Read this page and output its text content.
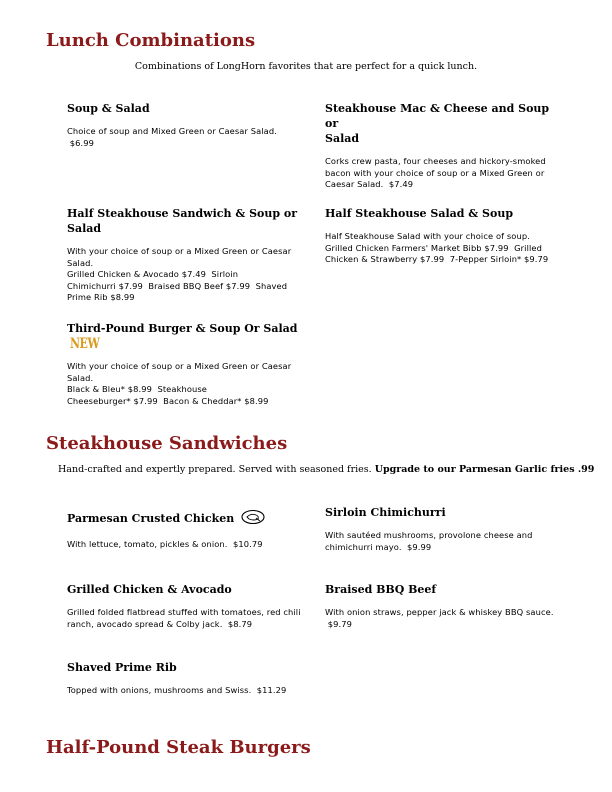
Lunch Combinations
Combinations of LongHorn favorites that are perfect for a quick lunch.
Soup & Salad
Choice of soup and Mixed Green or Caesar Salad.
$6.99
Steakhouse Mac & Cheese and Soup or
Salad
Corks crew pasta, four cheeses and hickory-smoked
bacon with your choice of soup or a Mixed Green or
Caesar Salad.  $7.49
Half Steakhouse Sandwich & Soup or Salad
With your choice of soup or a Mixed Green or Caesar
Salad.
Grilled Chicken & Avocado $7.49  Sirloin
Chimichurri $7.99  Braised BBQ Beef $7.99  Shaved
Prime Rib $8.99
Half Steakhouse Salad & Soup
Half Steakhouse Salad with your choice of soup.
Grilled Chicken Farmers' Market Bibb $7.99  Grilled
Chicken & Strawberry $7.99  7-Pepper Sirloin* $9.79
Third-Pound Burger & Soup Or SaladNEW
With your choice of soup or a Mixed Green or Caesar
Salad.
Black & Bleu* $8.99  Steakhouse
Cheeseburger* $7.99  Bacon & Cheddar* $8.99
Steakhouse Sandwiches
Hand-crafted and expertly prepared. Served with seasoned fries. Upgrade to our Parmesan Garlic fries .99
Parmesan Crusted Chicken
With lettuce, tomato, pickles & onion.  $10.79
Sirloin Chimichurri
With sautéed mushrooms, provolone cheese and
chimichurri mayo.  $9.99
Grilled Chicken & Avocado
Grilled folded flatbread stuffed with tomatoes, red chili
ranch, avocado spread & Colby jack.  $8.79
Braised BBQ Beef
With onion straws, pepper jack & whiskey BBQ sauce.
$9.79
Shaved Prime Rib
Topped with onions, mushrooms and Swiss.  $11.29
Half-Pound Steak Burgers
